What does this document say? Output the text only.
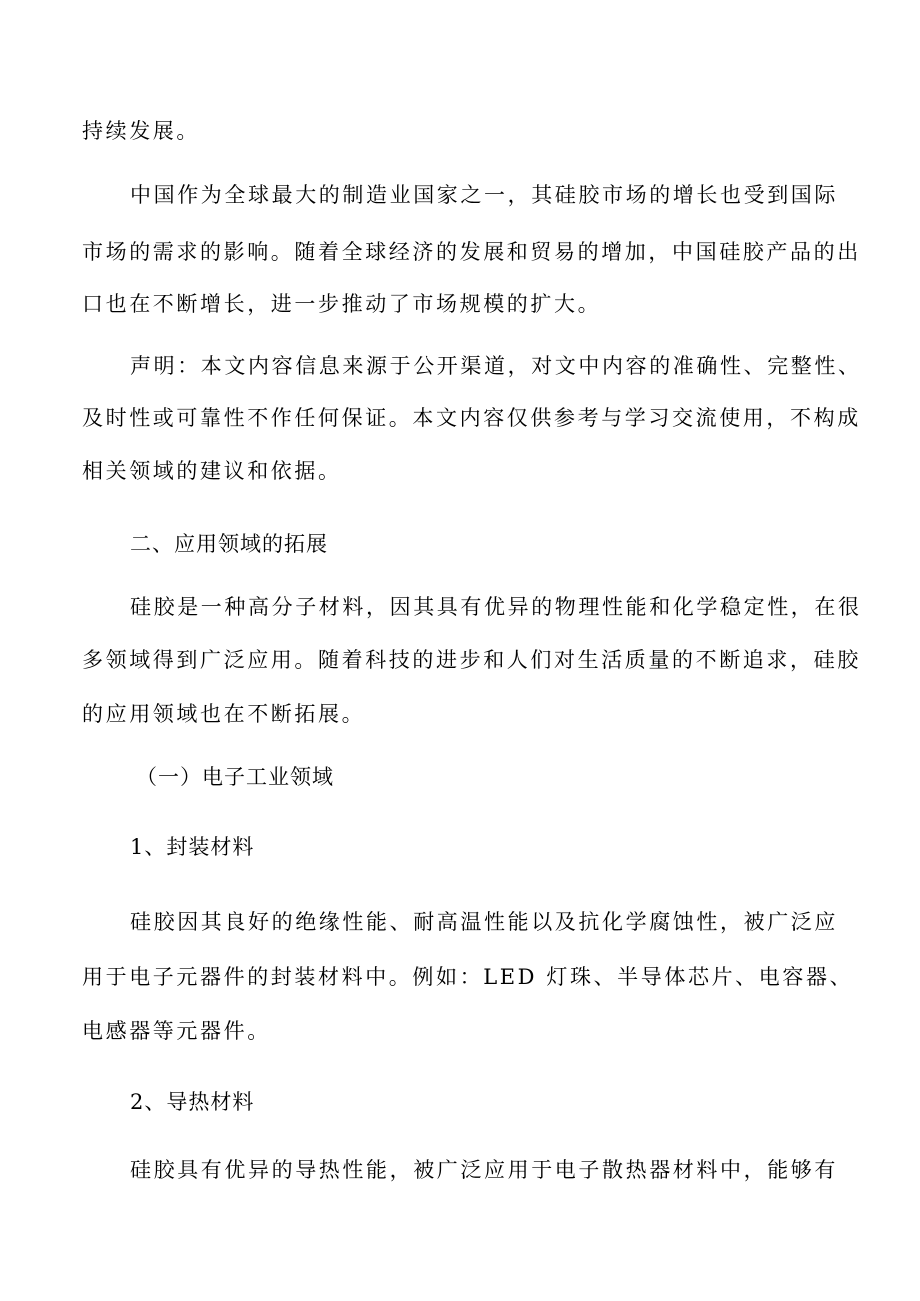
持续发展。
中国作为全球最大的制造业国家之一，其硅胶市场的增长也受到国际
市场的需求的影响。随着全球经济的发展和贸易的增加，中国硅胶产品的出
口也在不断增长，进一步推动了市场规模的扩大。
声明：本文内容信息来源于公开渠道，对文中内容的准确性、完整性、
及时性或可靠性不作任何保证。本文内容仅供参考与学习交流使用，不构成
相关领域的建议和依据。
二、应用领域的拓展
硅胶是一种高分子材料，因其具有优异的物理性能和化学稳定性，在很
多领域得到广泛应用。随着科技的进步和人们对生活质量的不断追求，硅胶
的应用领域也在不断拓展。
（一）电子工业领域
1、封装材料
硅胶因其良好的绝缘性能、耐高温性能以及抗化学腐蚀性，被广泛应
用于电子元器件的封装材料中。例如：LED 灯珠、半导体芯片、电容器、
电感器等元器件。
2、导热材料
硅胶具有优异的导热性能，被广泛应用于电子散热器材料中，能够有
